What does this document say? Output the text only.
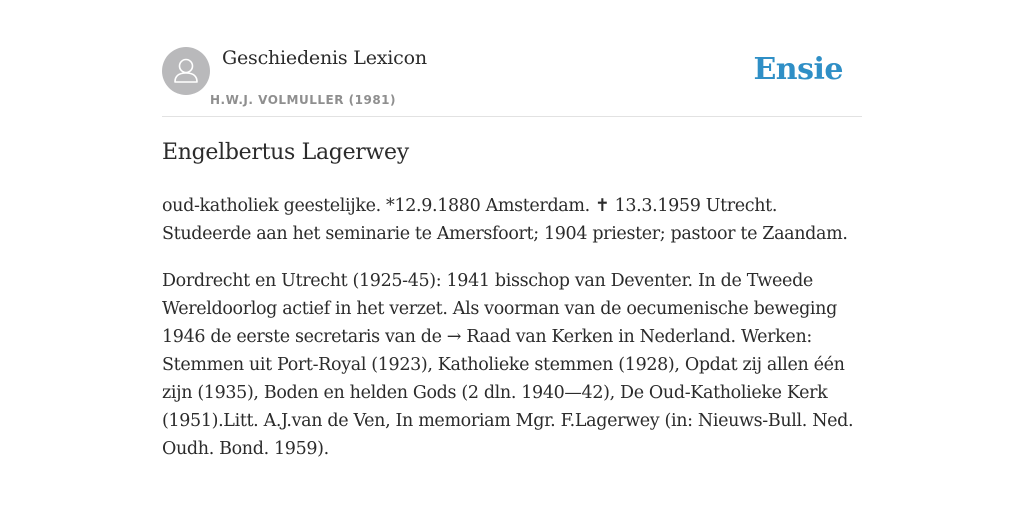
Geschiedenis Lexicon
H.W.J. VOLMULLER (1981)
Ensie
Engelbertus Lagerwey

oud-katholiek geestelijke. *12.9.1880 Amsterdam. ✝ 13.3.1959 Utrecht. Studeerde aan het seminarie te Amersfoort; 1904 priester; pastoor te Zaandam.

Dordrecht en Utrecht (1925-45): 1941 bisschop van Deventer. In de Tweede Wereldoorlog actief in het verzet. Als voorman van de oecumenische beweging 1946 de eerste secretaris van de → Raad van Kerken in Nederland. Werken: Stemmen uit Port-Royal (1923), Katholieke stemmen (1928), Opdat zij allen één zijn (1935), Boden en helden Gods (2 dln. 1940—42), De Oud-Katholieke Kerk (1951).Litt. A.J.van de Ven, In memoriam Mgr. F.Lagerwey (in: Nieuws-Bull. Ned. Oudh. Bond. 1959).
